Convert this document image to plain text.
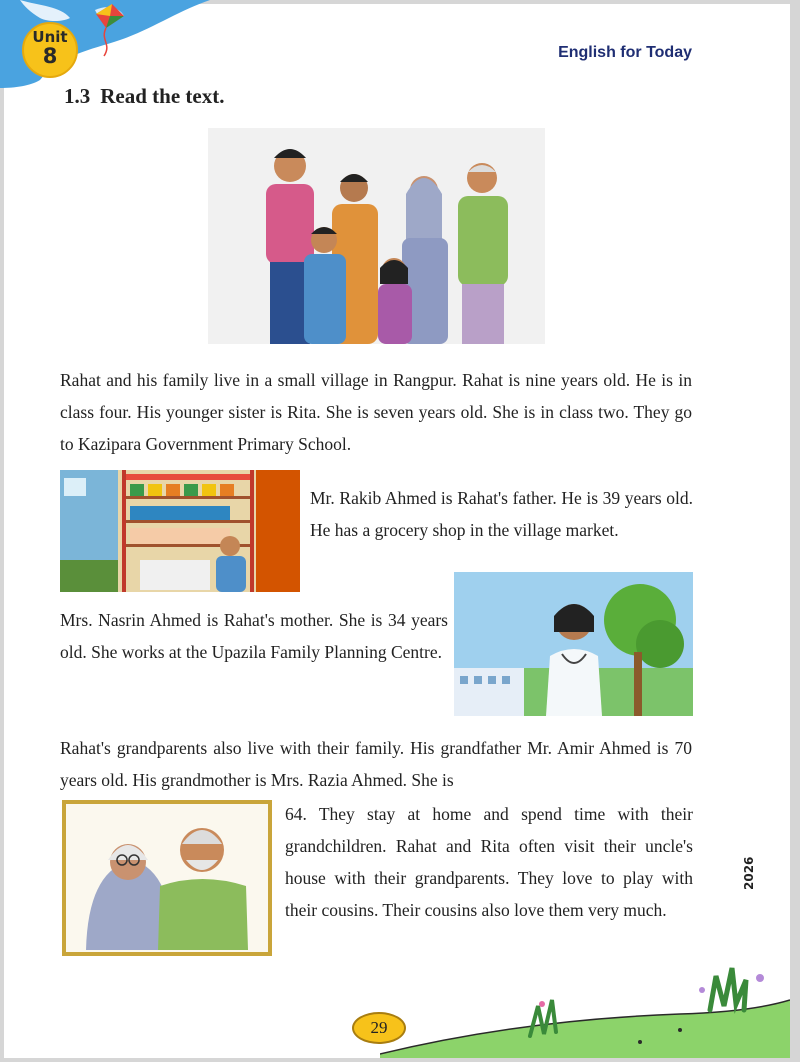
Unit
8	English for Today
1.3 Read the text.

Rahat and his family live in a small village in Rangpur. Rahat is nine years old. He is in class four. His younger sister is Rita. She is seven years old. She is in class two. They go to Kazipara Government Primary School.

Mr. Rakib Ahmed is Rahat's father. He is 39 years old. He has a grocery shop in the village market.

Mrs. Nasrin Ahmed is Rahat's mother. She is 34 years old. She works at the Upazila Family Planning Centre.

Rahat's grandparents also live with their family. His grandfather Mr. Amir Ahmed is 70 years old. His grandmother is Mrs. Razia Ahmed. She is

64. They stay at home and spend time with their grandchildren. Rahat and Rita often visit their uncle's house with their grandparents. They love to play with their cousins. Their cousins also love them very much.

2026
29
